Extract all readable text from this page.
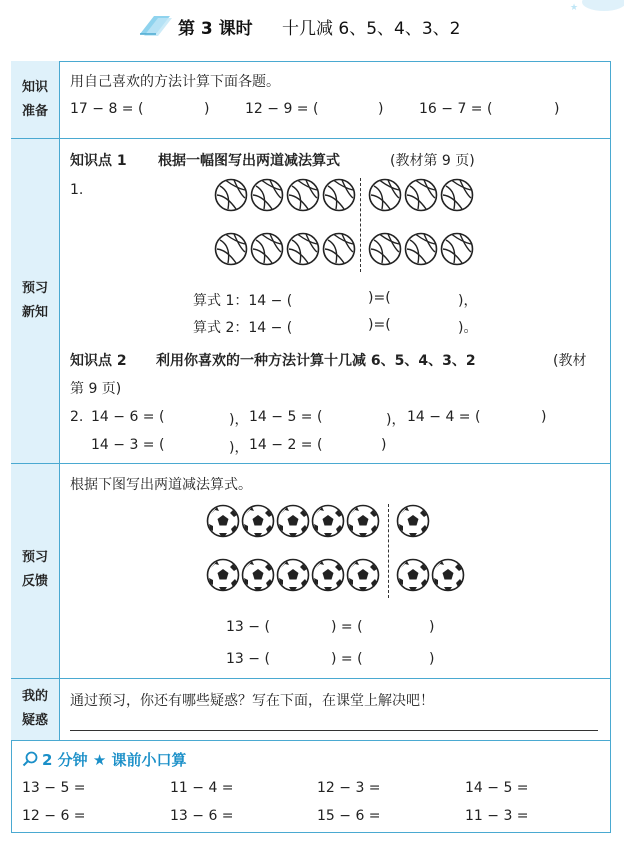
第 3 课时 十几减 6、5、4、3、2
★
知识
准备
用自己喜欢的方法计算下面各题。
17 − 8 = (	)	12 − 9 = (	)	16 − 7 = (	)
预习
新知
知识点 1 根据一幅图写出两道减法算式	(教材第 9 页)
1.
算式 1：14 − (	)=(	)，
算式 2：14 − (	)=(	)。
知识点 2 利用你喜欢的一种方法计算十几减 6、5、4、3、2	(教材
第 9 页)
2. 14 − 6 = (	)， 14 − 5 = (	)， 14 − 4 = (	)
14 − 3 = (	)， 14 − 2 = (	)
预习
反馈
根据下图写出两道减法算式。
13 − (	) = (	)
13 − (	) = (	)
我的
疑惑
通过预习，你还有哪些疑惑？写在下面，在课堂上解决吧！
2 分钟 ★ 课前小口算
13 − 5 =	11 − 4 =	12 − 3 =	14 − 5 =
12 − 6 =	13 − 6 =	15 − 6 =	11 − 3 =
